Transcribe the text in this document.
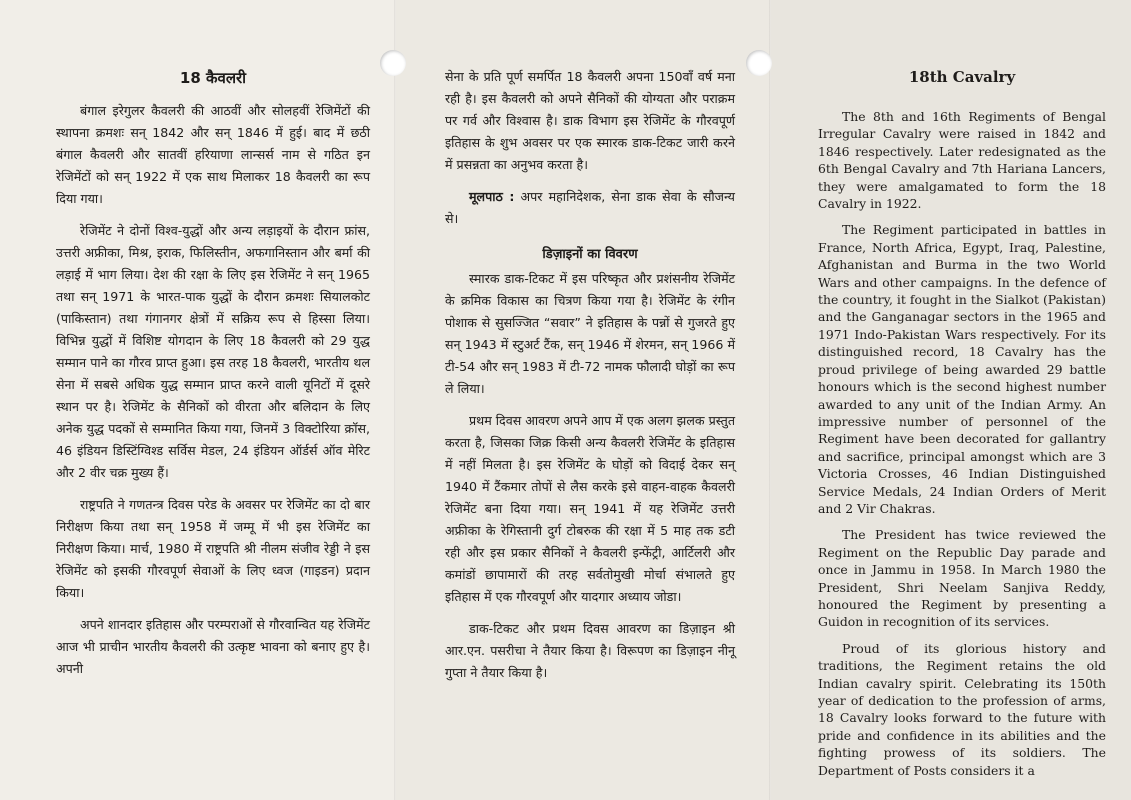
18 कैवलरी

बंगाल इरेगुलर कैवलरी की आठवीं और सोलहवीं रेजिमेंटों की स्थापना क्रमशः सन् 1842 और सन् 1846 में हुई। बाद में छठी बंगाल कैवलरी और सातवीं हरियाणा लान्सर्स नाम से गठित इन रेजिमेंटों को सन् 1922 में एक साथ मिलाकर 18 कैवलरी का रूप दिया गया।

रेजिमेंट ने दोनों विश्व-युद्धों और अन्य लड़ाइयों के दौरान फ्रांस, उत्तरी अफ्रीका, मिश्र, इराक, फिलिस्तीन, अफगानिस्तान और बर्मा की लड़ाई में भाग लिया। देश की रक्षा के लिए इस रेजिमेंट ने सन् 1965 तथा सन् 1971 के भारत-पाक युद्धों के दौरान क्रमशः सियालकोट (पाकिस्तान) तथा गंगानगर क्षेत्रों में सक्रिय रूप से हिस्सा लिया। विभिन्न युद्धों में विशिष्ट योगदान के लिए 18 कैवलरी को 29 युद्ध सम्मान पाने का गौरव प्राप्त हुआ। इस तरह 18 कैवलरी, भारतीय थल सेना में सबसे अधिक युद्ध सम्मान प्राप्त करने वाली यूनिटों में दूसरे स्थान पर है। रेजिमेंट के सैनिकों को वीरता और बलिदान के लिए अनेक युद्ध पदकों से सम्मानित किया गया, जिनमें 3 विक्टोरिया क्रॉस, 46 इंडियन डिस्टिंग्विश्ड सर्विस मेडल, 24 इंडियन ऑर्डर्स ऑव मेरिट और 2 वीर चक्र मुख्य हैं।

राष्ट्रपति ने गणतन्त्र दिवस परेड के अवसर पर रेजिमेंट का दो बार निरीक्षण किया तथा सन् 1958 में जम्मू में भी इस रेजिमेंट का निरीक्षण किया। मार्च, 1980 में राष्ट्रपति श्री नीलम संजीव रेड्डी ने इस रेजिमेंट को इसकी गौरवपूर्ण सेवाओं के लिए ध्वज (गाइडन) प्रदान किया।

अपने शानदार इतिहास और परम्पराओं से गौरवान्वित यह रेजिमेंट आज भी प्राचीन भारतीय कैवलरी की उत्कृष्ट भावना को बनाए हुए है। अपनी

सेना के प्रति पूर्ण समर्पित 18 कैवलरी अपना 150वाँ वर्ष मना रही है। इस कैवलरी को अपने सैनिकों की योग्यता और पराक्रम पर गर्व और विश्वास है। डाक विभाग इस रेजिमेंट के गौरवपूर्ण इतिहास के शुभ अवसर पर एक स्मारक डाक-टिकट जारी करने में प्रसन्नता का अनुभव करता है।

मूलपाठ : अपर महानिदेशक, सेना डाक सेवा के सौजन्य से।

डिज़ाइनों का विवरण

स्मारक डाक-टिकट में इस परिष्कृत और प्रशंसनीय रेजिमेंट के क्रमिक विकास का चित्रण किया गया है। रेजिमेंट के रंगीन पोशाक से सुसज्जित “सवार” ने इतिहास के पन्नों से गुजरते हुए सन् 1943 में स्टुअर्ट टैंक, सन् 1946 में शेरमन, सन् 1966 में टी-54 और सन् 1983 में टी-72 नामक फौलादी घोड़ों का रूप ले लिया।

प्रथम दिवस आवरण अपने आप में एक अलग झलक प्रस्तुत करता है, जिसका जिक्र किसी अन्य कैवलरी रेजिमेंट के इतिहास में नहीं मिलता है। इस रेजिमेंट के घोड़ों को विदाई देकर सन् 1940 में टैंकमार तोपों से लैस करके इसे वाहन-वाहक कैवलरी रेजिमेंट बना दिया गया। सन् 1941 में यह रेजिमेंट उत्तरी अफ्रीका के रेगिस्तानी दुर्ग टोबरुक की रक्षा में 5 माह तक डटी रही और इस प्रकार सैनिकों ने कैवलरी इन्फेंट्री, आर्टिलरी और कमांडों छापामारों की तरह सर्वतोमुखी मोर्चा संभालते हुए इतिहास में एक गौरवपूर्ण और यादगार अध्याय जोडा।

डाक-टिकट और प्रथम दिवस आवरण का डिज़ाइन श्री आर.एन. पसरीचा ने तैयार किया है। विरूपण का डिज़ाइन नीनू गुप्ता ने तैयार किया है।

18th Cavalry

The 8th and 16th Regiments of Bengal Irregular Cavalry were raised in 1842 and 1846 respectively. Later redesignated as the 6th Bengal Cavalry and 7th Hariana Lancers, they were amalgamated to form the 18 Cavalry in 1922.

The Regiment participated in battles in France, North Africa, Egypt, Iraq, Palestine, Afghanistan and Burma in the two World Wars and other campaigns. In the defence of the country, it fought in the Sialkot (Pakistan) and the Ganganagar sectors in the 1965 and 1971 Indo-Pakistan Wars respectively. For its distinguished record, 18 Cavalry has the proud privilege of being awarded 29 battle honours which is the second highest number awarded to any unit of the Indian Army. An impressive number of personnel of the Regiment have been decorated for gallantry and sacrifice, principal amongst which are 3 Victoria Crosses, 46 Indian Distinguished Service Medals, 24 Indian Orders of Merit and 2 Vir Chakras.

The President has twice reviewed the Regiment on the Republic Day parade and once in Jammu in 1958. In March 1980 the President, Shri Neelam Sanjiva Reddy, honoured the Regiment by presenting a Guidon in recognition of its services.

Proud of its glorious history and traditions, the Regiment retains the old Indian cavalry spirit. Celebrating its 150th year of dedication to the profession of arms, 18 Cavalry looks forward to the future with pride and confidence in its abilities and the fighting prowess of its soldiers. The Department of Posts considers it a
